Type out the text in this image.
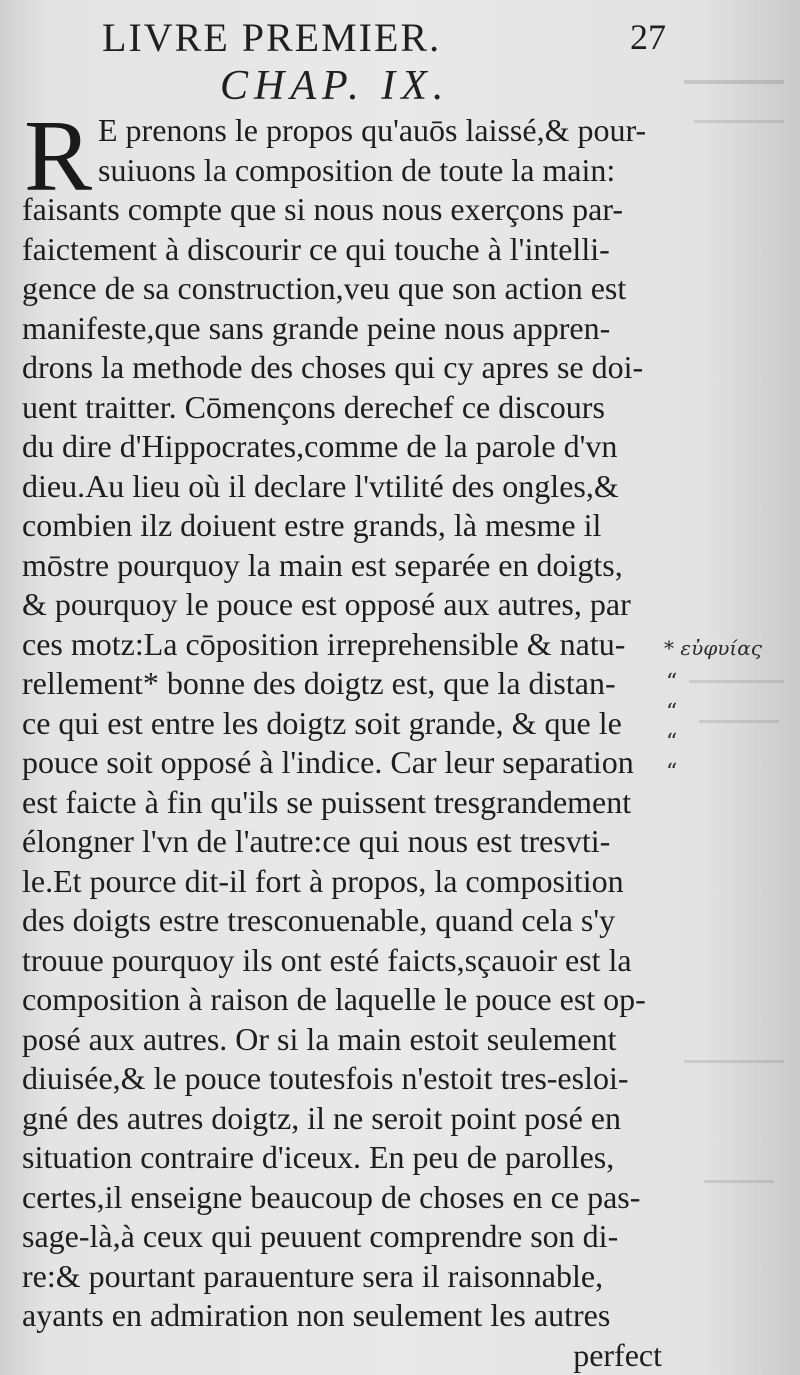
LIVRE PREMIER.	27
CHAP. IX.
R E prenons le propos qu'auōs laissé,& pour-
suiuons la composition de toute la main:
faisants compte que si nous nous exerçons par-
faictement à discourir ce qui touche à l'intelli-
gence de sa construction,veu que son action est
manifeste,que sans grande peine nous appren-
drons la methode des choses qui cy apres se doi-
uent traitter. Cōmençons derechef ce discours
du dire d'Hippocrates,comme de la parole d'vn
dieu.Au lieu où il declare l'vtilité des ongles,&
combien ilz doiuent estre grands, là mesme il
mōstre pourquoy la main est separée en doigts,
& pourquoy le pouce est opposé aux autres, par
ces motz:La cōposition irreprehensible & natu-
rellement* bonne des doigtz est, que la distan-
ce qui est entre les doigtz soit grande, & que le
pouce soit opposé à l'indice. Car leur separation
est faicte à fin qu'ils se puissent tresgrandement
élongner l'vn de l'autre:ce qui nous est tresvti-
le.Et pource dit-il fort à propos, la composition
des doigts estre tresconuenable, quand cela s'y
trouue pourquoy ils ont esté faicts,sçauoir est la
composition à raison de laquelle le pouce est op-
posé aux autres. Or si la main estoit seulement
diuisée,& le pouce toutesfois n'estoit tres-esloi-
gné des autres doigtz, il ne seroit point posé en
situation contraire d'iceux. En peu de parolles,
certes,il enseigne beaucoup de choses en ce pas-
sage-là,à ceux qui peuuent comprendre son di-
re:& pourtant parauenture sera il raisonnable,
ayants en admiration non seulement les autres
perfect
* εὐφυίας
“
“
“
“
